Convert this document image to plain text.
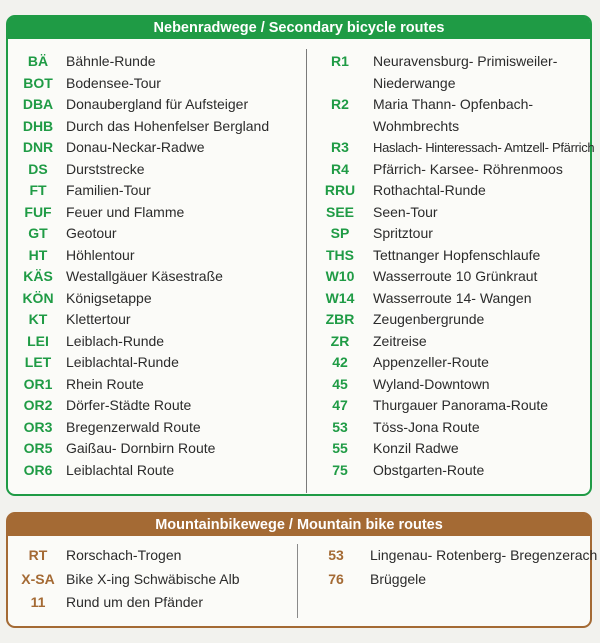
Nebenradwege / Secondary bicycle routes
BÄ	Bähnle-Runde
BOT Bodensee-Tour
DBA Donaubergland für Aufsteiger
DHB Durch das Hohenfelser Bergland
DNR Donau-Neckar-Radwe
DS	Durststrecke
FT	Familien-Tour
FUF	Feuer und Flamme
GT	Geotour
HT	Höhlentour
KÄS Westallgäuer Käsestraße
KÖN Königsetappe
KT	Klettertour
LEI	Leiblach-Runde
LET	Leiblachtal-Runde
OR1 Rhein Route
OR2 Dörfer-Städte Route
OR3 Bregenzerwald Route
OR5 Gaißau- Dornbirn Route
OR6 Leiblachtal Route
R1	Neuravensburg- Primisweiler-Niederwange
R2	Maria Thann- Opfenbach-Wohmbrechts
R3	Haslach- Hinteressach- Amtzell- Pfärrich
R4	Pfärrich- Karsee- Röhrenmoos
RRU	Rothachtal-Runde
SEE	Seen-Tour
SP	Spritztour
THS	Tettnanger Hopfenschlaufe
W10	Wasserroute 10 Grünkraut
W14	Wasserroute 14- Wangen
ZBR	Zeugenbergrunde
ZR	Zeitreise
42	Appenzeller-Route
45	Wyland-Downtown
47	Thurgauer Panorama-Route
53	Töss-Jona Route
55	Konzil Radwe
75	Obstgarten-Route
Mountainbikewege / Mountain bike routes
RT	Rorschach-Trogen
X-SA Bike X-ing Schwäbische Alb
11	Rund um den Pfänder
53	Lingenau- Rotenberg- Bregenzerach
76	Brüggele
